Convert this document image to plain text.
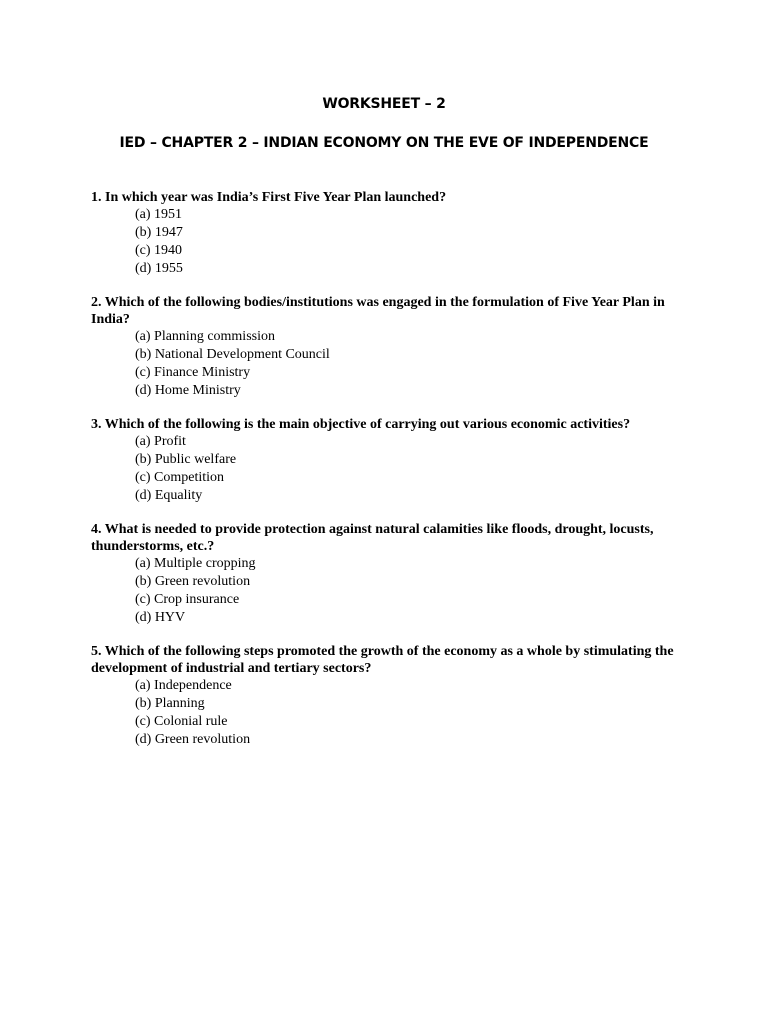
WORKSHEET – 2
IED – CHAPTER 2 – INDIAN ECONOMY ON THE EVE OF INDEPENDENCE
1. In which year was India’s First Five Year Plan launched?
(a) 1951
(b) 1947
(c) 1940
(d) 1955
2. Which of the following bodies/institutions was engaged in the formulation of Five Year Plan in India?
(a) Planning commission
(b) National Development Council
(c) Finance Ministry
(d) Home Ministry
3. Which of the following is the main objective of carrying out various economic activities?
(a) Profit
(b) Public welfare
(c) Competition
(d) Equality
4. What is needed to provide protection against natural calamities like floods, drought, locusts, thunderstorms, etc.?
(a) Multiple cropping
(b) Green revolution
(c) Crop insurance
(d) HYV
5. Which of the following steps promoted the growth of the economy as a whole by stimulating the development of industrial and tertiary sectors?
(a) Independence
(b) Planning
(c) Colonial rule
(d) Green revolution
